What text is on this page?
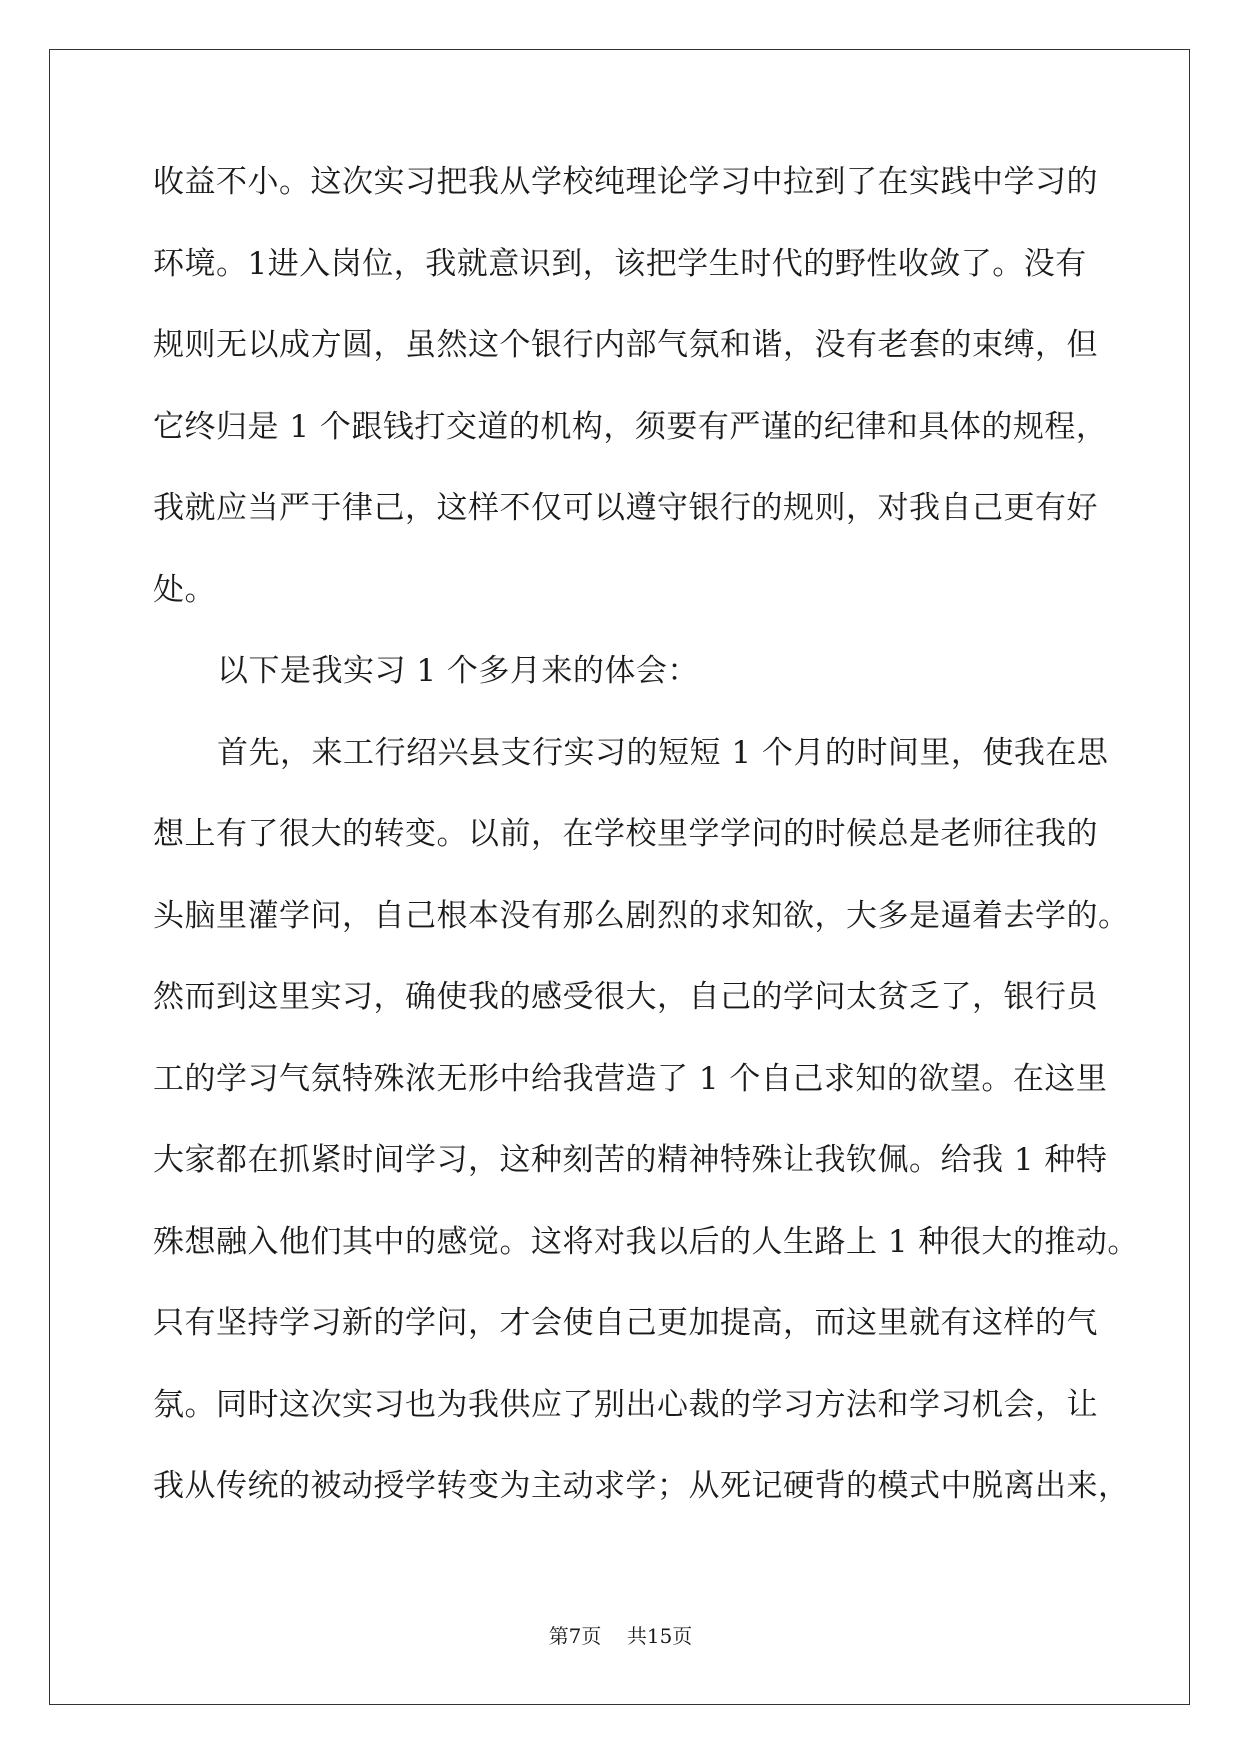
收益不小。这次实习把我从学校纯理论学习中拉到了在实践中学习的
环境。1进入岗位，我就意识到，该把学生时代的野性收敛了。没有
规则无以成方圆，虽然这个银行内部气氛和谐，没有老套的束缚，但
它终归是 1 个跟钱打交道的机构，须要有严谨的纪律和具体的规程，
我就应当严于律己，这样不仅可以遵守银行的规则，对我自己更有好
处。
以下是我实习 1 个多月来的体会：
首先，来工行绍兴县支行实习的短短 1 个月的时间里，使我在思
想上有了很大的转变。以前，在学校里学学问的时候总是老师往我的
头脑里灌学问，自己根本没有那么剧烈的求知欲，大多是逼着去学的。
然而到这里实习，确使我的感受很大，自己的学问太贫乏了，银行员
工的学习气氛特殊浓无形中给我营造了 1 个自己求知的欲望。在这里
大家都在抓紧时间学习，这种刻苦的精神特殊让我钦佩。给我 1 种特
殊想融入他们其中的感觉。这将对我以后的人生路上 1 种很大的推动。
只有坚持学习新的学问，才会使自己更加提高，而这里就有这样的气
氛。同时这次实习也为我供应了别出心裁的学习方法和学习机会，让
我从传统的被动授学转变为主动求学；从死记硬背的模式中脱离出来，
第7页 共15页
